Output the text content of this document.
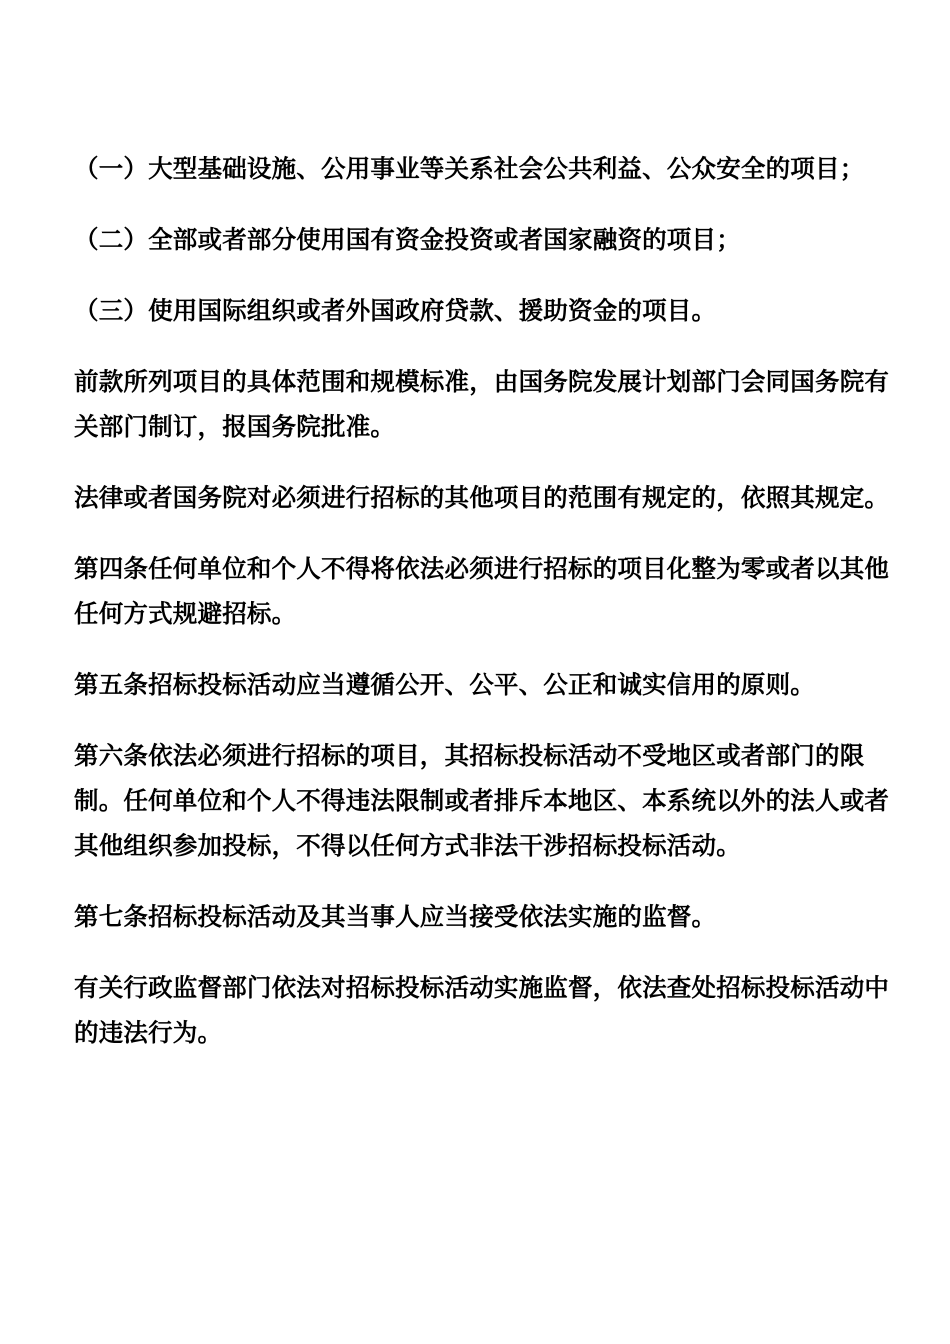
（一）大型基础设施、公用事业等关系社会公共利益、公众安全的项目；

（二）全部或者部分使用国有资金投资或者国家融资的项目；

（三）使用国际组织或者外国政府贷款、援助资金的项目。

前款所列项目的具体范围和规模标准，由国务院发展计划部门会同国务院有关部门制订，报国务院批准。

法律或者国务院对必须进行招标的其他项目的范围有规定的，依照其规定。

第四条任何单位和个人不得将依法必须进行招标的项目化整为零或者以其他任何方式规避招标。

第五条招标投标活动应当遵循公开、公平、公正和诚实信用的原则。

第六条依法必须进行招标的项目，其招标投标活动不受地区或者部门的限制。任何单位和个人不得违法限制或者排斥本地区、本系统以外的法人或者其他组织参加投标，不得以任何方式非法干涉招标投标活动。

第七条招标投标活动及其当事人应当接受依法实施的监督。

有关行政监督部门依法对招标投标活动实施监督，依法查处招标投标活动中的违法行为。
